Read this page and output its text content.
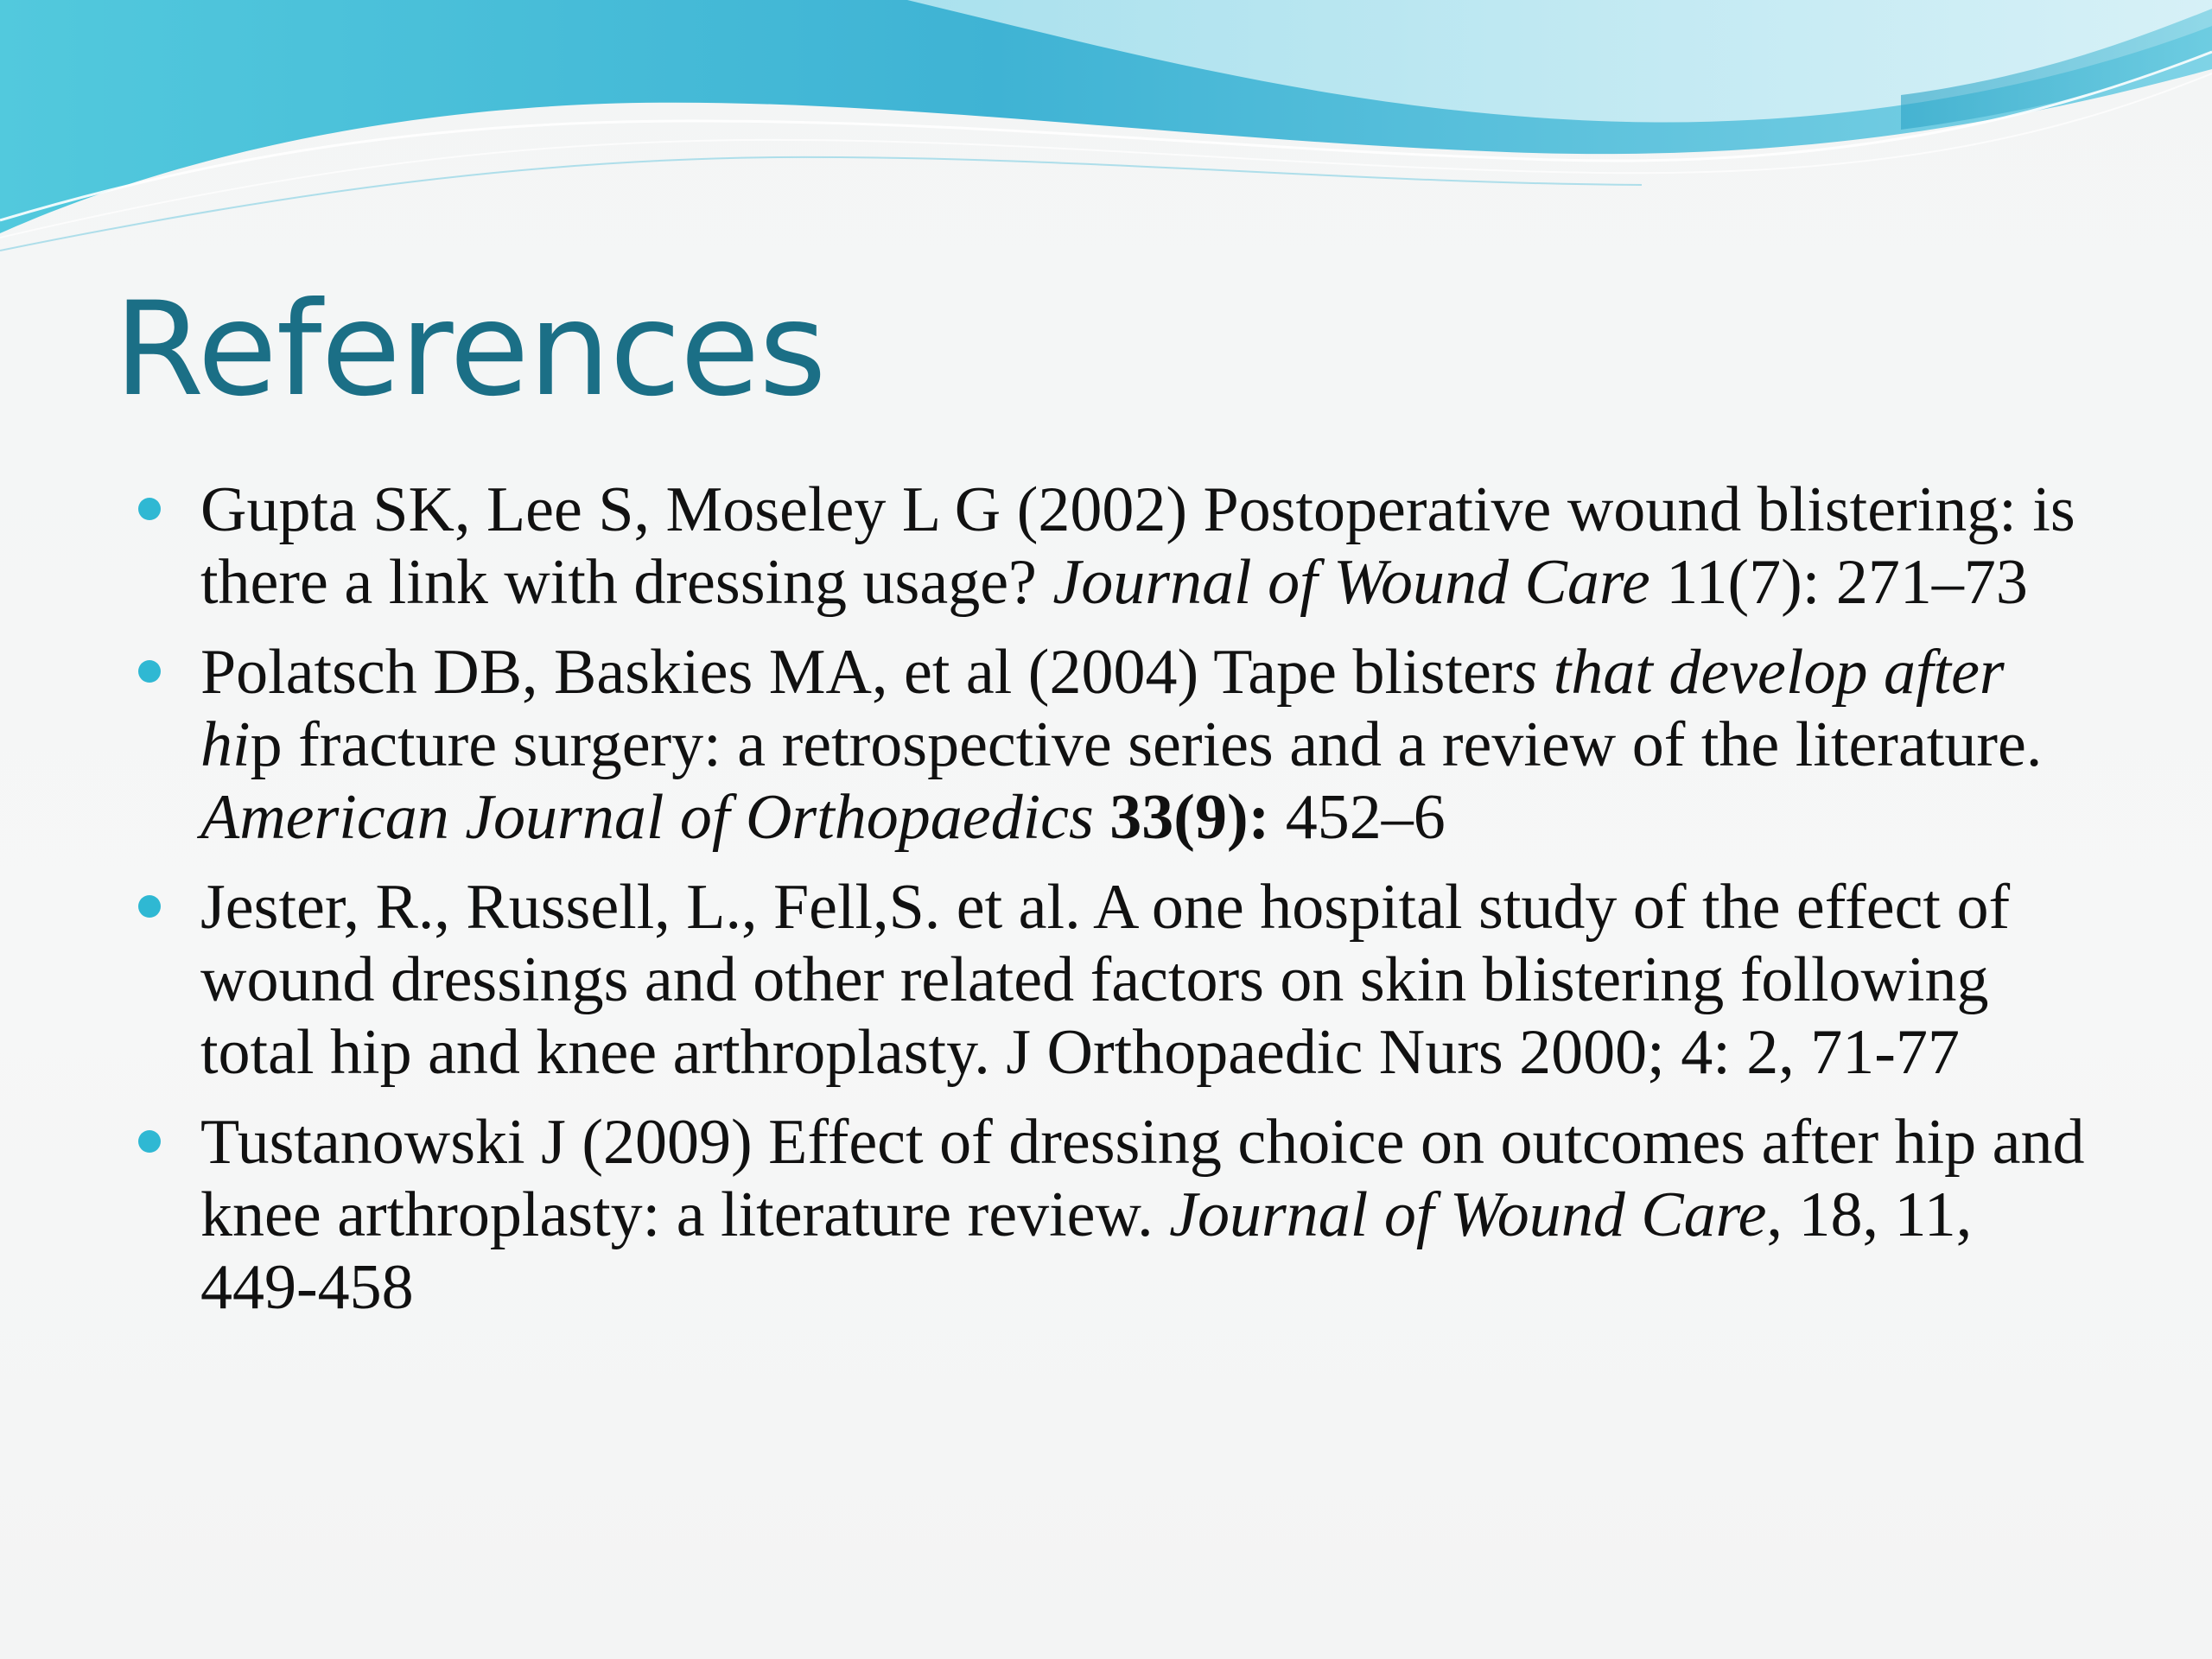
References
Gupta SK, Lee S, Moseley L G (2002) Postoperative wound blistering: is there a link with dressing usage? Journal of Wound Care 11(7): 271–73
Polatsch DB, Baskies MA, et al (2004) Tape blisters that develop after hip fracture surgery: a retrospective series and a review of the literature. American Journal of Orthopaedics 33(9): 452–6
Jester, R., Russell, L., Fell,S. et al. A one hospital study of the effect of wound dressings and other related factors on skin blistering following total hip and knee arthroplasty. J Orthopaedic Nurs 2000; 4: 2, 71-77
Tustanowski J (2009) Effect of dressing choice on outcomes after hip and knee arthroplasty: a literature review. Journal of Wound Care, 18, 11, 449-458
